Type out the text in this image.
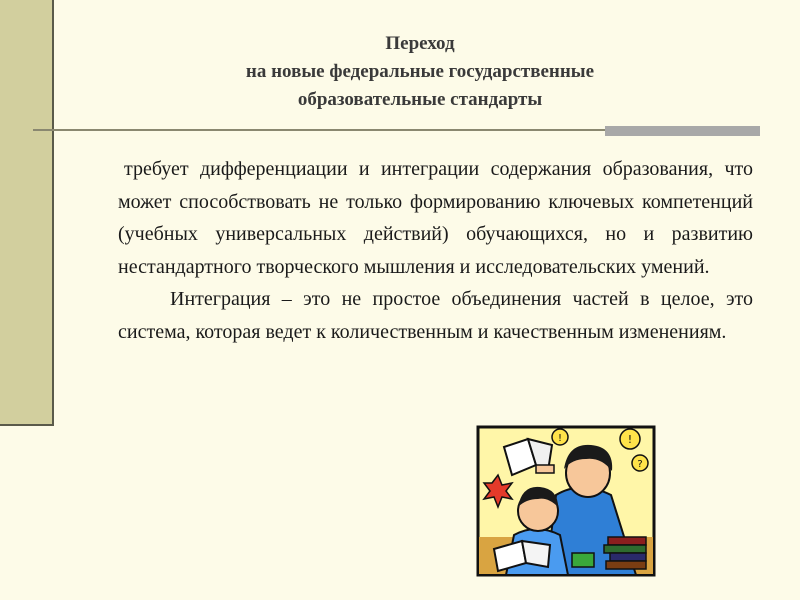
Переход
на новые федеральные государственные
образовательные стандарты
требует дифференциации и интеграции содержания образования, что может способствовать не только формированию ключевых компетенций (учебных универсальных действий) обучающихся, но и развитию нестандартного творческого мышления и исследовательских умений.
Интеграция – это не простое объединения частей в целое, это система, которая ведет к количественным и качественным изменениям.
!	!
?
